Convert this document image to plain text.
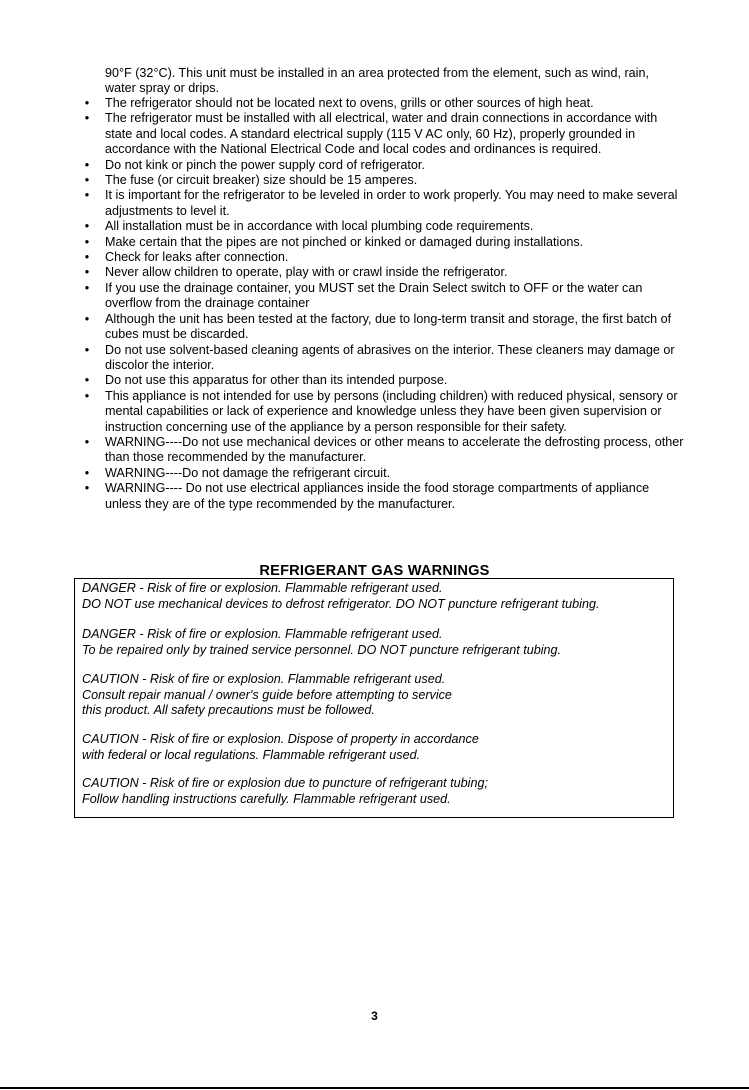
90°F (32°C). This unit must be installed in an area protected from the element, such as wind, rain,
water spray or drips.
• The refrigerator should not be located next to ovens, grills or other sources of high heat.
• The refrigerator must be installed with all electrical, water and drain connections in accordance with state and local codes. A standard electrical supply (115 V AC only, 60 Hz), properly grounded in accordance with the National Electrical Code and local codes and ordinances is required.
• Do not kink or pinch the power supply cord of refrigerator.
• The fuse (or circuit breaker) size should be 15 amperes.
• It is important for the refrigerator to be leveled in order to work properly. You may need to make several adjustments to level it.
• All installation must be in accordance with local plumbing code requirements.
• Make certain that the pipes are not pinched or kinked or damaged during installations.
• Check for leaks after connection.
• Never allow children to operate, play with or crawl inside the refrigerator.
• If you use the drainage container, you MUST set the Drain Select switch to OFF or the water can overflow from the drainage container
• Although the unit has been tested at the factory, due to long-term transit and storage, the first batch of cubes must be discarded.
• Do not use solvent-based cleaning agents of abrasives on the interior. These cleaners may damage or discolor the interior.
• Do not use this apparatus for other than its intended purpose.
• This appliance is not intended for use by persons (including children) with reduced physical, sensory or mental capabilities or lack of experience and knowledge unless they have been given supervision or instruction concerning use of the appliance by a person responsible for their safety.
• WARNING----Do not use mechanical devices or other means to accelerate the defrosting process, other than those recommended by the manufacturer.
• WARNING----Do not damage the refrigerant circuit.
• WARNING---- Do not use electrical appliances inside the food storage compartments of appliance unless they are of the type recommended by the manufacturer.
REFRIGERANT GAS WARNINGS
DANGER - Risk of fire or explosion. Flammable refrigerant used.
DO NOT use mechanical devices to defrost refrigerator. DO NOT puncture refrigerant tubing.
DANGER - Risk of fire or explosion. Flammable refrigerant used.
To be repaired only by trained service personnel. DO NOT puncture refrigerant tubing.
CAUTION - Risk of fire or explosion. Flammable refrigerant used.
Consult repair manual / owner's guide before attempting to service
this product. All safety precautions must be followed.
CAUTION - Risk of fire or explosion. Dispose of property in accordance
with federal or local regulations. Flammable refrigerant used.
CAUTION - Risk of fire or explosion due to puncture of refrigerant tubing;
Follow handling instructions carefully. Flammable refrigerant used.
3
